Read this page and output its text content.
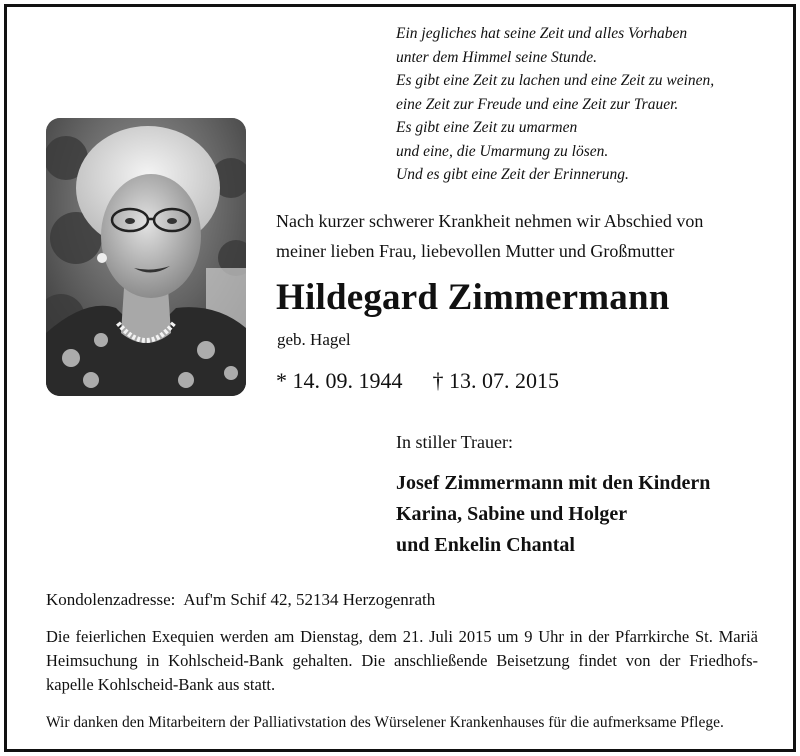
Ein jegliches hat seine Zeit und alles Vorhaben
unter dem Himmel seine Stunde.
Es gibt eine Zeit zu lachen und eine Zeit zu weinen,
eine Zeit zur Freude und eine Zeit zur Trauer.
Es gibt eine Zeit zu umarmen
und eine, die Umarmung zu lösen.
Und es gibt eine Zeit der Erinnerung.
Nach kurzer schwerer Krankheit nehmen wir Abschied von
meiner lieben Frau, liebevollen Mutter und Großmutter
Hildegard Zimmermann
geb. Hagel
* 14. 09. 1944 † 13. 07. 2015
In stiller Trauer:
Josef Zimmermann mit den Kindern
Karina, Sabine und Holger
und Enkelin Chantal
Kondolenzadresse: Auf'm Schif 42, 52134 Herzogenrath
Die feierlichen Exequien werden am Dienstag, dem 21. Juli 2015 um 9 Uhr in der Pfarrkirche St. Mariä
Heimsuchung in Kohlscheid-Bank gehalten. Die anschließende Beisetzung findet von der Friedhofs-
kapelle Kohlscheid-Bank aus statt.
Wir danken den Mitarbeitern der Palliativstation des Würselener Krankenhauses für die aufmerksame Pflege.
